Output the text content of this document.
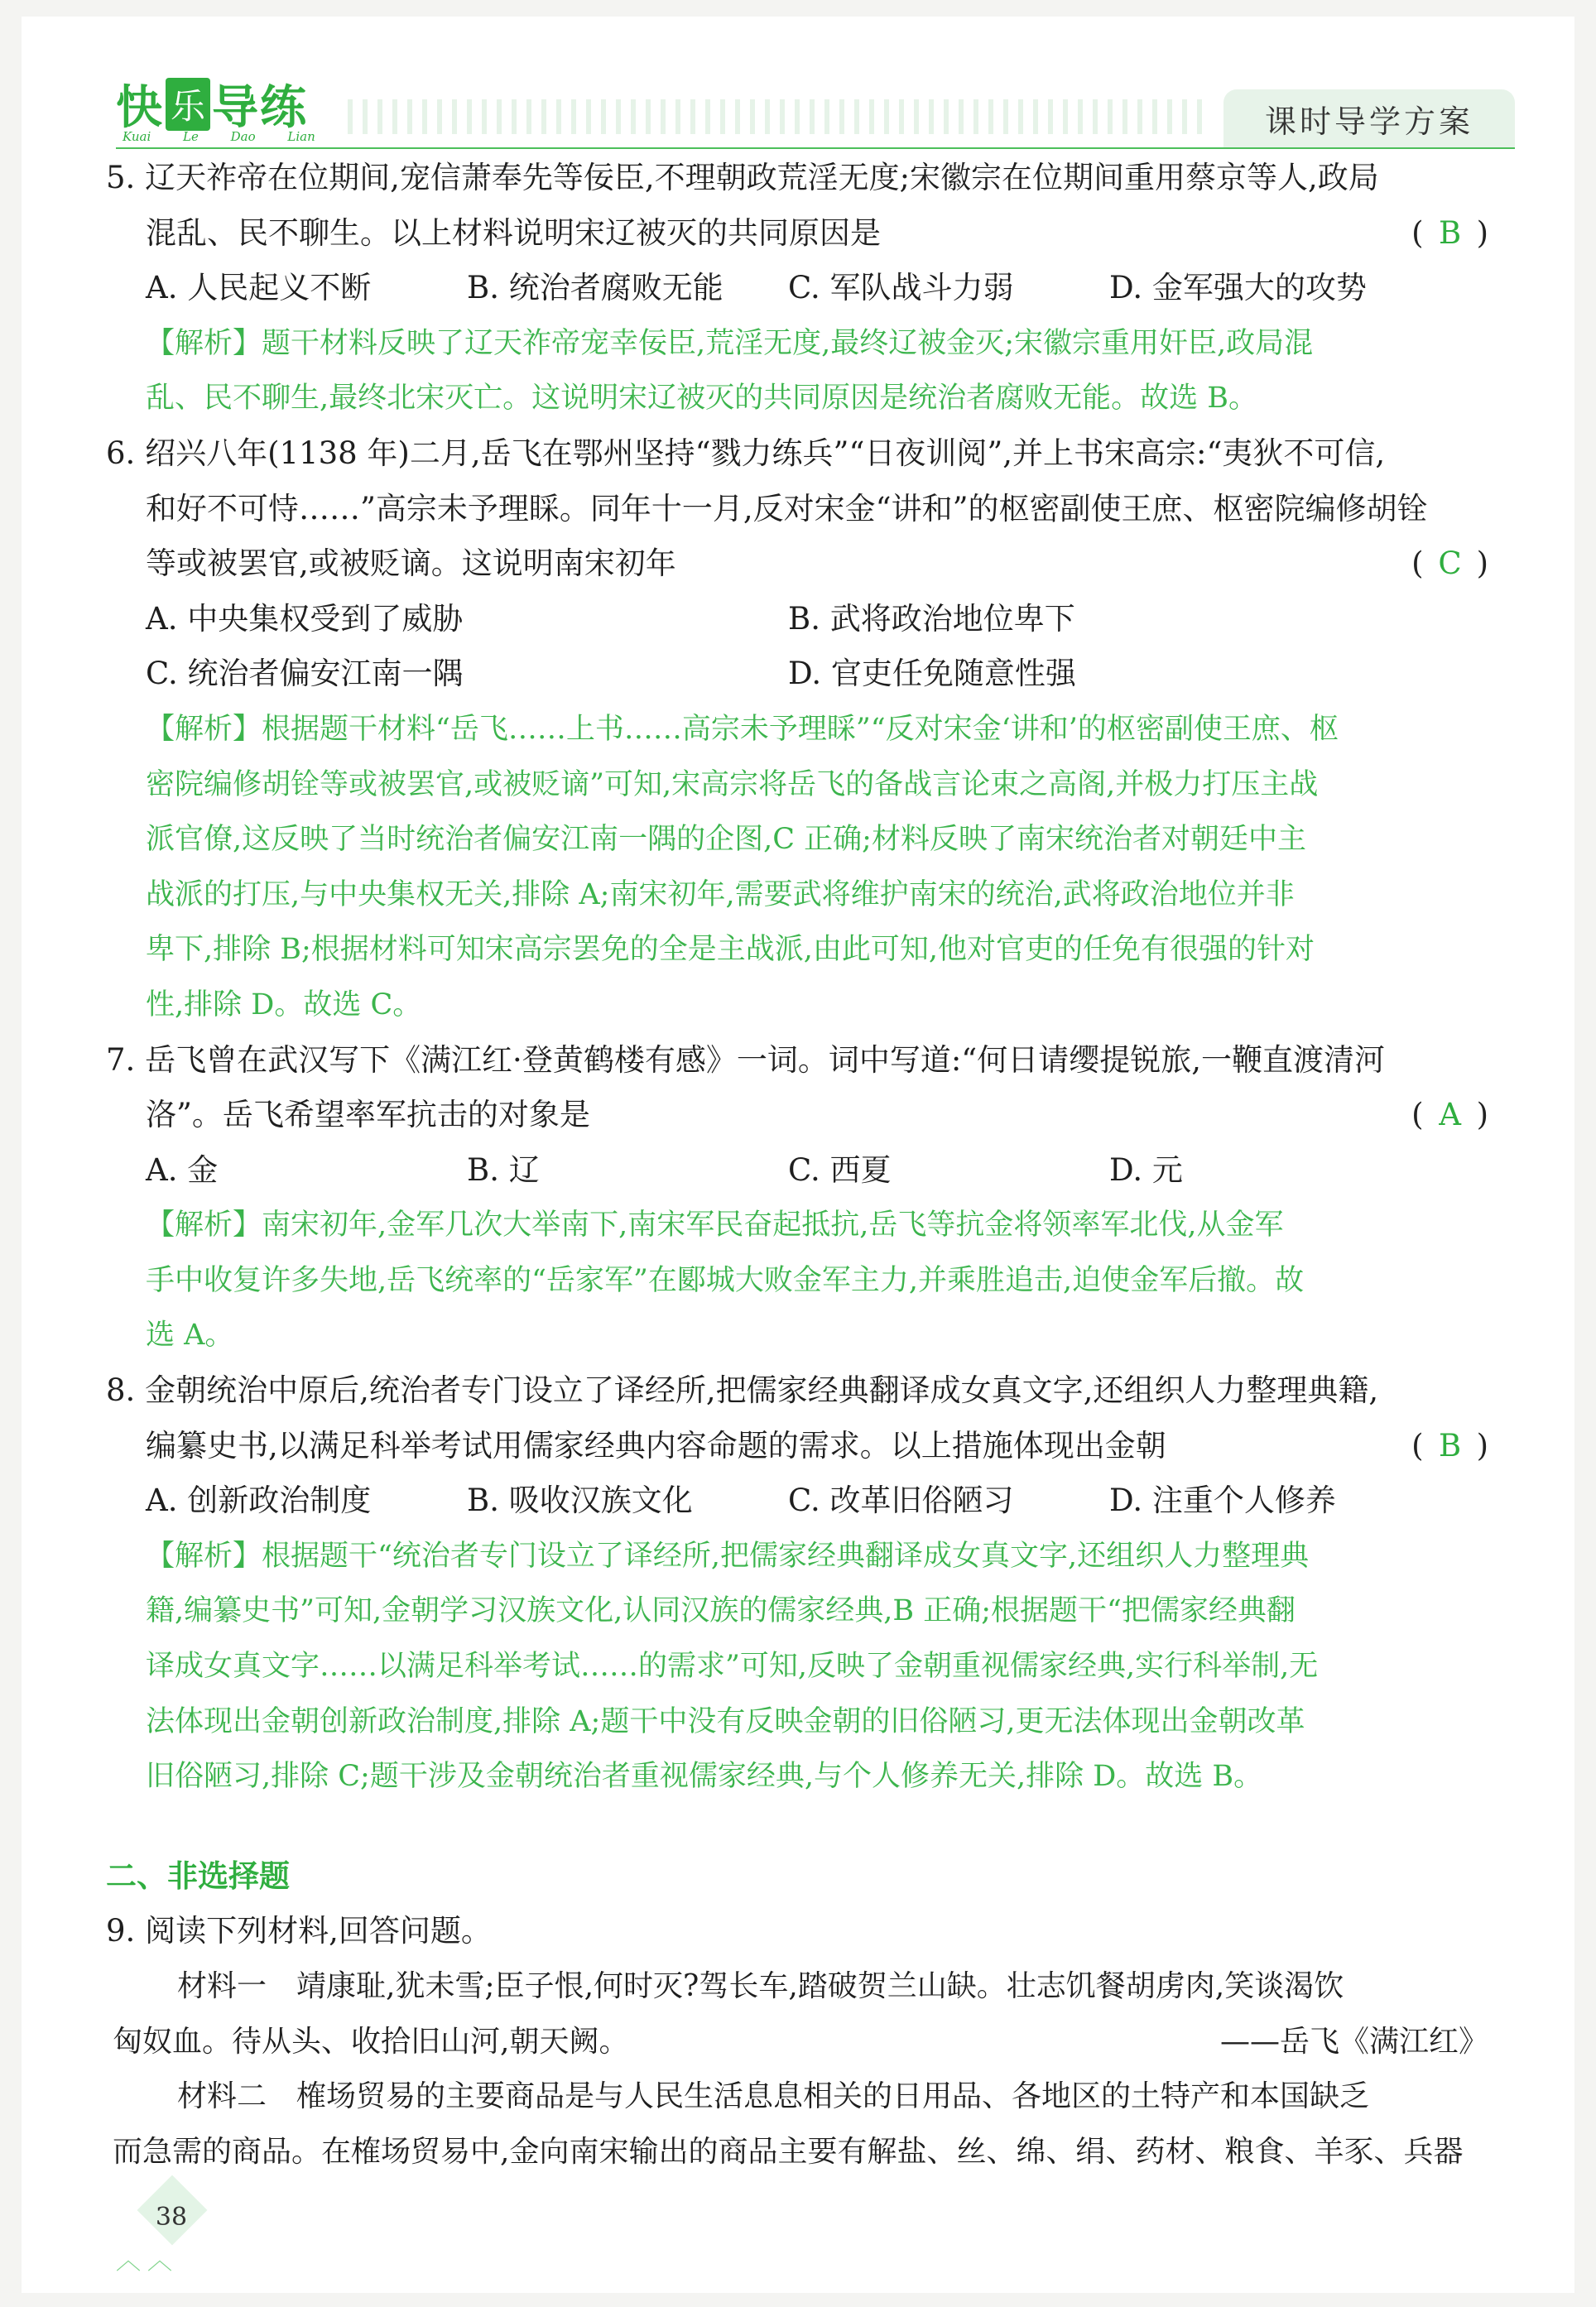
快 乐 导练
Kuai Le Dao Lian	课时导学方案
5. 辽天祚帝在位期间,宠信萧奉先等佞臣,不理朝政荒淫无度;宋徽宗在位期间重用蔡京等人,政局
混乱、民不聊生。以上材料说明宋辽被灭的共同原因是	( B )
A. 人民起义不断	B. 统治者腐败无能	C. 军队战斗力弱	D. 金军强大的攻势
【解析】题干材料反映了辽天祚帝宠幸佞臣,荒淫无度,最终辽被金灭;宋徽宗重用奸臣,政局混
乱、民不聊生,最终北宋灭亡。这说明宋辽被灭的共同原因是统治者腐败无能。故选 B。
6. 绍兴八年(1138 年)二月,岳飞在鄂州坚持“戮力练兵”“日夜训阅”,并上书宋高宗:“夷狄不可信,
和好不可恃……”高宗未予理睬。同年十一月,反对宋金“讲和”的枢密副使王庶、枢密院编修胡铨
等或被罢官,或被贬谪。这说明南宋初年	( C )
A. 中央集权受到了威胁	B. 武将政治地位卑下
C. 统治者偏安江南一隅	D. 官吏任免随意性强
【解析】根据题干材料“岳飞……上书……高宗未予理睬”“反对宋金‘讲和’的枢密副使王庶、枢
密院编修胡铨等或被罢官,或被贬谪”可知,宋高宗将岳飞的备战言论束之高阁,并极力打压主战
派官僚,这反映了当时统治者偏安江南一隅的企图,C 正确;材料反映了南宋统治者对朝廷中主
战派的打压,与中央集权无关,排除 A;南宋初年,需要武将维护南宋的统治,武将政治地位并非
卑下,排除 B;根据材料可知宋高宗罢免的全是主战派,由此可知,他对官吏的任免有很强的针对
性,排除 D。故选 C。
7. 岳飞曾在武汉写下《满江红·登黄鹤楼有感》一词。词中写道:“何日请缨提锐旅,一鞭直渡清河
洛”。岳飞希望率军抗击的对象是	( A )
A. 金	B. 辽	C. 西夏	D. 元
【解析】南宋初年,金军几次大举南下,南宋军民奋起抵抗,岳飞等抗金将领率军北伐,从金军
手中收复许多失地,岳飞统率的“岳家军”在郾城大败金军主力,并乘胜追击,迫使金军后撤。故
选 A。
8. 金朝统治中原后,统治者专门设立了译经所,把儒家经典翻译成女真文字,还组织人力整理典籍,
编纂史书,以满足科举考试用儒家经典内容命题的需求。以上措施体现出金朝	( B )
A. 创新政治制度	B. 吸收汉族文化	C. 改革旧俗陋习	D. 注重个人修养
【解析】根据题干“统治者专门设立了译经所,把儒家经典翻译成女真文字,还组织人力整理典
籍,编纂史书”可知,金朝学习汉族文化,认同汉族的儒家经典,B 正确;根据题干“把儒家经典翻
译成女真文字……以满足科举考试……的需求”可知,反映了金朝重视儒家经典,实行科举制,无
法体现出金朝创新政治制度,排除 A;题干中没有反映金朝的旧俗陋习,更无法体现出金朝改革
旧俗陋习,排除 C;题干涉及金朝统治者重视儒家经典,与个人修养无关,排除 D。故选 B。
二、非选择题
9. 阅读下列材料,回答问题。
材料一　靖康耻,犹未雪;臣子恨,何时灭?驾长车,踏破贺兰山缺。壮志饥餐胡虏肉,笑谈渴饮
匈奴血。待从头、收拾旧山河,朝天阙。	——岳飞《满江红》
材料二　榷场贸易的主要商品是与人民生活息息相关的日用品、各地区的土特产和本国缺乏
而急需的商品。在榷场贸易中,金向南宋输出的商品主要有解盐、丝、绵、绢、药材、粮食、羊豕、兵器
38
︿︿
